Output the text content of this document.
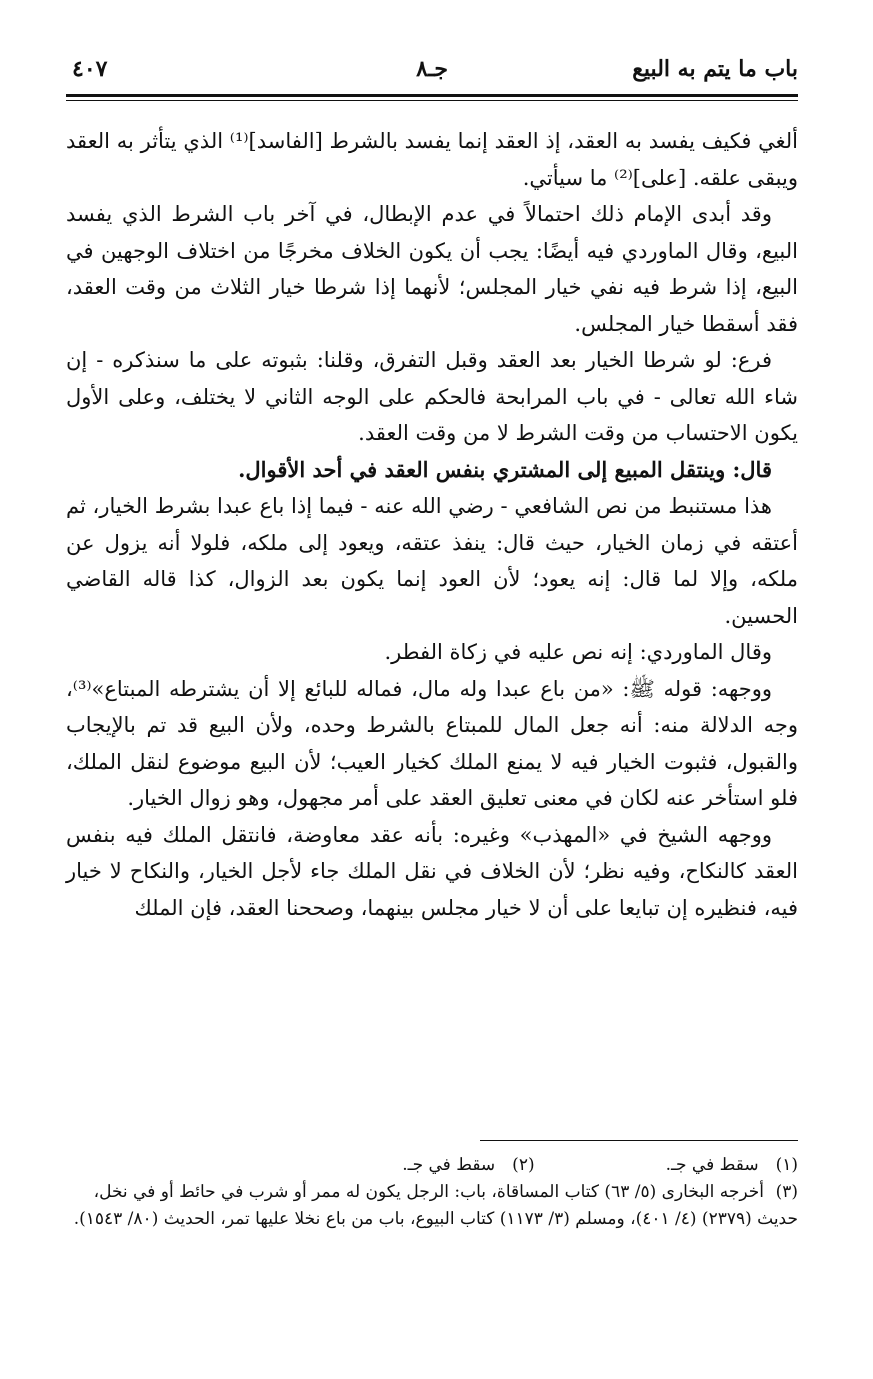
باب ما يتم به البيع
جـ٨
٤٠٧

ألغي فكيف يفسد به العقد، إذ العقد إنما يفسد بالشرط [الفاسد]⁽¹⁾ الذي يتأثر به العقد ويبقى علقه. [على]⁽²⁾ ما سيأتي.

وقد أبدى الإمام ذلك احتمالاً في عدم الإبطال، في آخر باب الشرط الذي يفسد البيع، وقال الماوردي فيه أيضًا: يجب أن يكون الخلاف مخرجًا من اختلاف الوجهين في البيع، إذا شرط فيه نفي خيار المجلس؛ لأنهما إذا شرطا خيار الثلاث من وقت العقد، فقد أسقطا خيار المجلس.

فرع: لو شرطا الخيار بعد العقد وقبل التفرق، وقلنا: بثبوته على ما سنذكره - إن شاء الله تعالى - في باب المرابحة فالحكم على الوجه الثاني لا يختلف، وعلى الأول يكون الاحتساب من وقت الشرط لا من وقت العقد.

قال: وينتقل المبيع إلى المشتري بنفس العقد في أحد الأقوال.

هذا مستنبط من نص الشافعي - رضي الله عنه - فيما إذا باع عبدا بشرط الخيار، ثم أعتقه في زمان الخيار، حيث قال: ينفذ عتقه، ويعود إلى ملكه، فلولا أنه يزول عن ملكه، وإلا لما قال: إنه يعود؛ لأن العود إنما يكون بعد الزوال، كذا قاله القاضي الحسين.

وقال الماوردي: إنه نص عليه في زكاة الفطر.

ووجهه: قوله ﷺ: «من باع عبدا وله مال، فماله للبائع إلا أن يشترطه المبتاع»⁽³⁾، وجه الدلالة منه: أنه جعل المال للمبتاع بالشرط وحده، ولأن البيع قد تم بالإيجاب والقبول، فثبوت الخيار فيه لا يمنع الملك كخيار العيب؛ لأن البيع موضوع لنقل الملك، فلو استأخر عنه لكان في معنى تعليق العقد على أمر مجهول، وهو زوال الخيار.

ووجهه الشيخ في «المهذب» وغيره: بأنه عقد معاوضة، فانتقل الملك فيه بنفس العقد كالنكاح، وفيه نظر؛ لأن الخلاف في نقل الملك جاء لأجل الخيار، والنكاح لا خيار فيه، فنظيره إن تبايعا على أن لا خيار مجلس بينهما، وصححنا العقد، فإن الملك

(١) سقط في جـ. (٢) سقط في جـ.
(٣)أخرجه البخارى (٥/ ٦٣) كتاب المساقاة، باب: الرجل يكون له ممر أو شرب في حائط أو في نخل، حديث (٢٣٧٩) (٤/ ٤٠١)، ومسلم (٣/ ١١٧٣) كتاب البيوع، باب من باع نخلا عليها تمر، الحديث (٨٠/ ١٥٤٣).
